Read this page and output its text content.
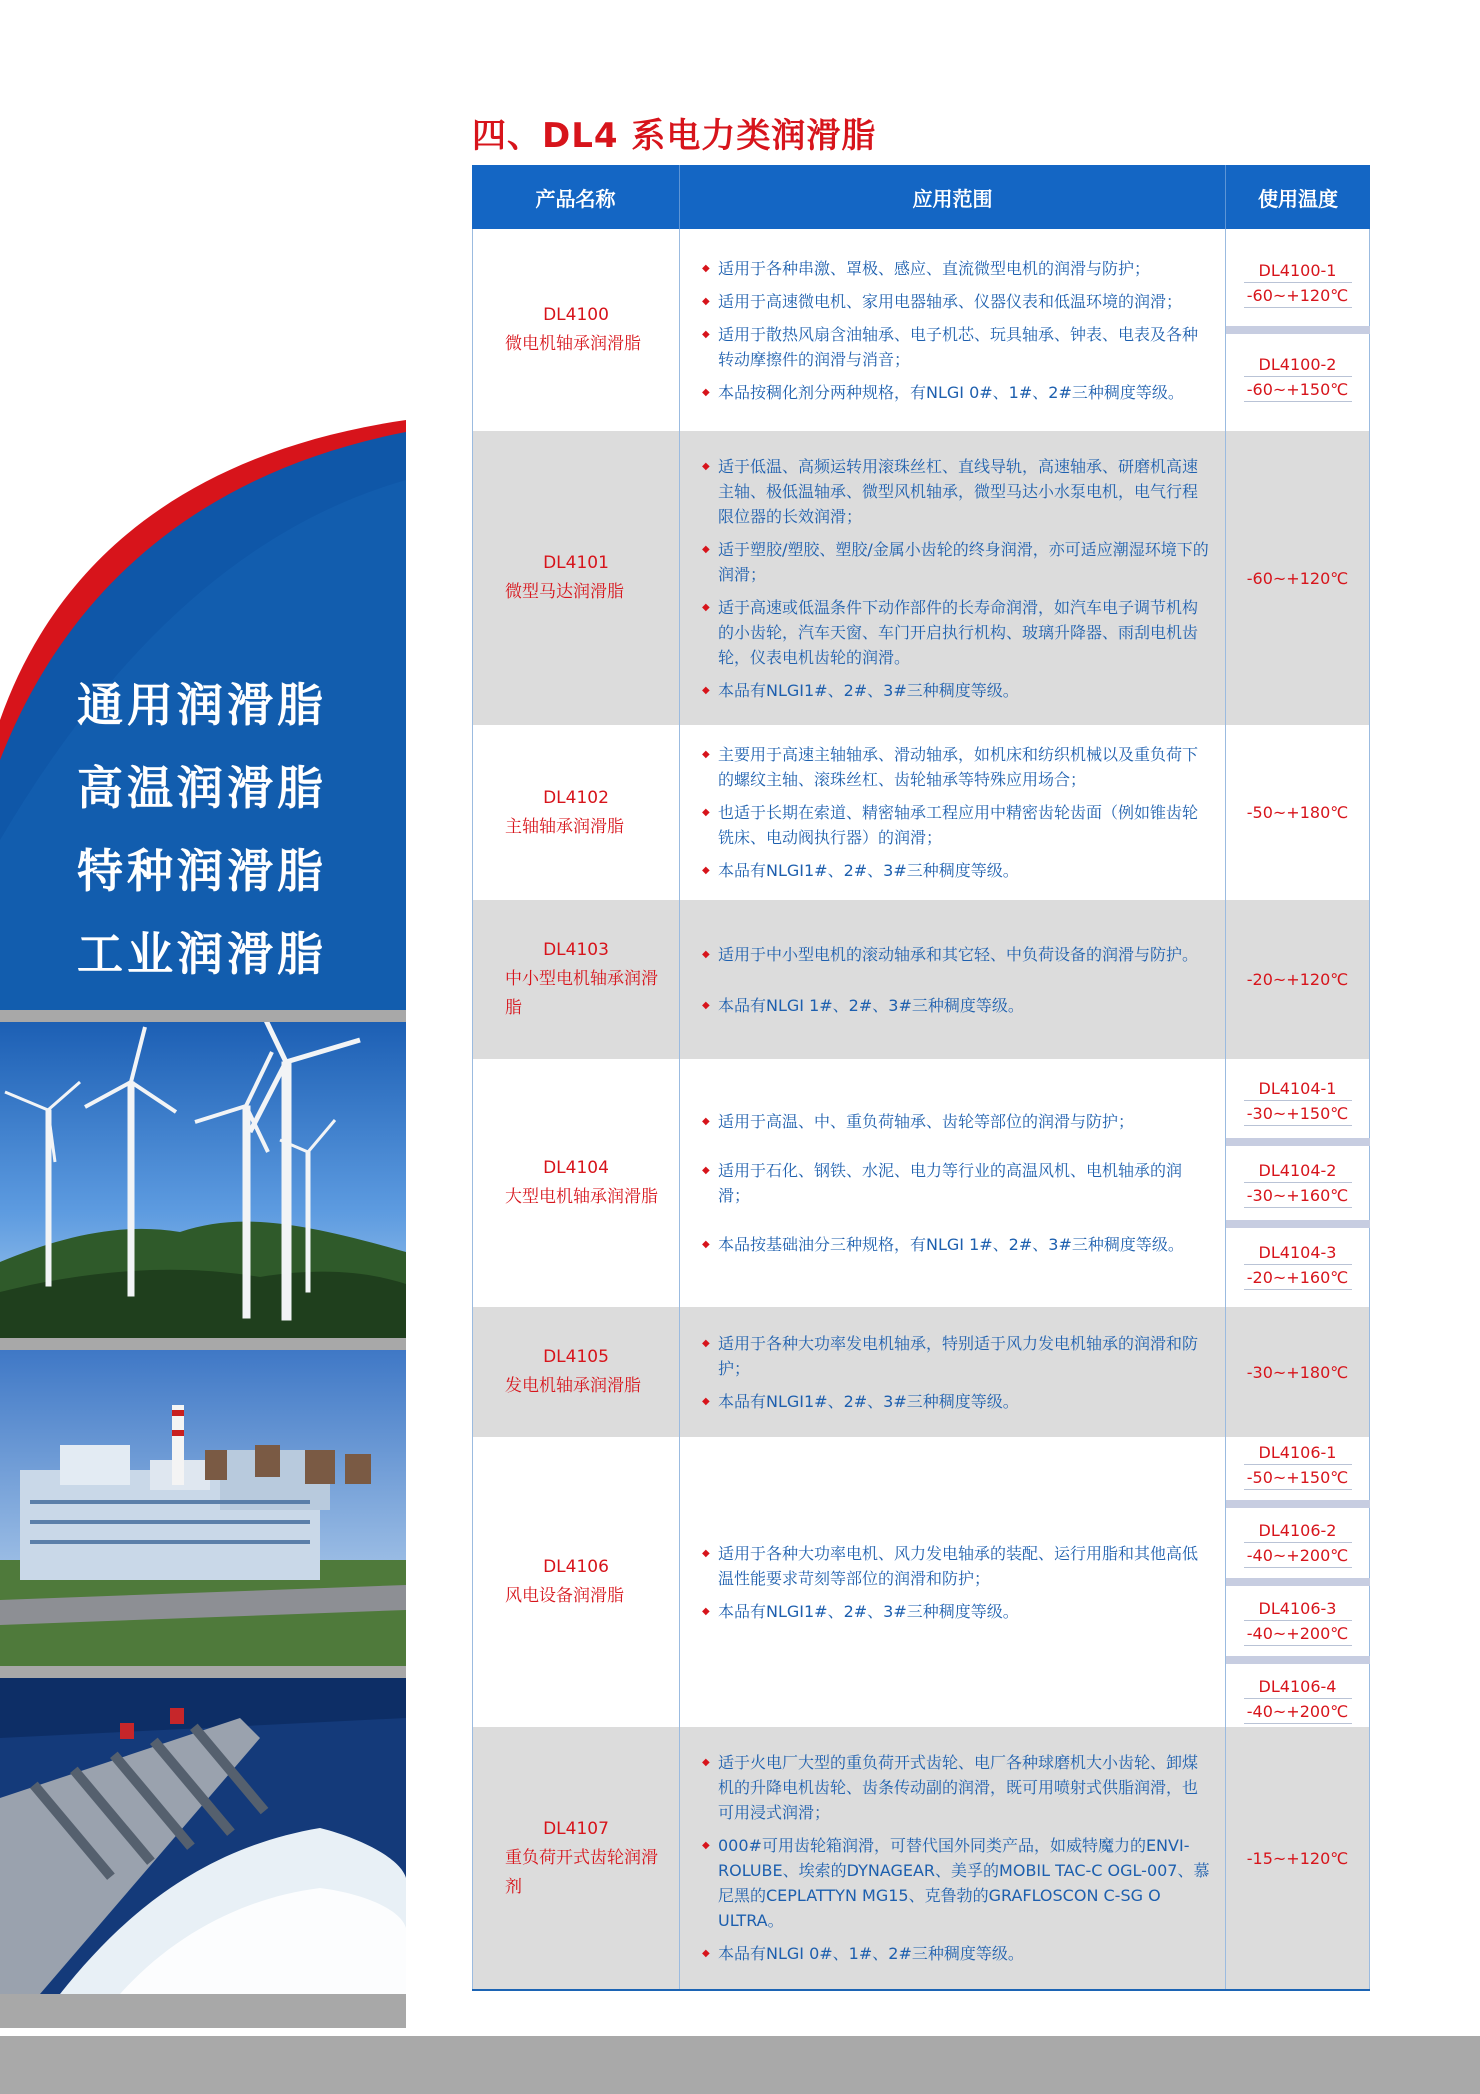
通用润滑脂
高温润滑脂
特种润滑脂
工业润滑脂
四、DL4 系电力类润滑脂
产品名称	应用范围	使用温度
DL4100
微电机轴承润滑脂
◆ 适用于各种串激、罩极、感应、直流微型电机的润滑与防护；
◆ 适用于高速微电机、家用电器轴承、仪器仪表和低温环境的润滑；
◆ 适用于散热风扇含油轴承、电子机芯、玩具轴承、钟表、电表及各种转动摩擦件的润滑与消音；
◆ 本品按稠化剂分两种规格，有NLGI 0#、1#、2#三种稠度等级。
DL4100-1
-60~+120℃
DL4100-2
-60~+150℃
DL4101
微型马达润滑脂
◆ 适于低温、高频运转用滚珠丝杠、直线导轨，高速轴承、研磨机高速主轴、极低温轴承、微型风机轴承，微型马达小水泵电机，电气行程限位器的长效润滑；
◆ 适于塑胶/塑胶、塑胶/金属小齿轮的终身润滑，亦可适应潮湿环境下的润滑；
◆ 适于高速或低温条件下动作部件的长寿命润滑，如汽车电子调节机构的小齿轮，汽车天窗、车门开启执行机构、玻璃升降器、雨刮电机齿轮，仪表电机齿轮的润滑。
◆ 本品有NLGI1#、2#、3#三种稠度等级。
-60~+120℃
DL4102
主轴轴承润滑脂
◆ 主要用于高速主轴轴承、滑动轴承，如机床和纺织机械以及重负荷下的螺纹主轴、滚珠丝杠、齿轮轴承等特殊应用场合；
◆ 也适于长期在索道、精密轴承工程应用中精密齿轮齿面（例如锥齿轮铣床、电动阀执行器）的润滑；
◆ 本品有NLGI1#、2#、3#三种稠度等级。
-50~+180℃
DL4103
中小型电机轴承润滑脂
◆ 适用于中小型电机的滚动轴承和其它轻、中负荷设备的润滑与防护。
◆ 本品有NLGI 1#、2#、3#三种稠度等级。
-20~+120℃
DL4104
大型电机轴承润滑脂
◆ 适用于高温、中、重负荷轴承、齿轮等部位的润滑与防护；
◆ 适用于石化、钢铁、水泥、电力等行业的高温风机、电机轴承的润滑；
◆ 本品按基础油分三种规格，有NLGI 1#、2#、3#三种稠度等级。
DL4104-1
-30~+150℃
DL4104-2
-30~+160℃
DL4104-3
-20~+160℃
DL4105
发电机轴承润滑脂
◆ 适用于各种大功率发电机轴承，特别适于风力发电机轴承的润滑和防护；
◆ 本品有NLGI1#、2#、3#三种稠度等级。
-30~+180℃
DL4106
风电设备润滑脂
◆ 适用于各种大功率电机、风力发电轴承的装配、运行用脂和其他高低温性能要求苛刻等部位的润滑和防护；
◆ 本品有NLGI1#、2#、3#三种稠度等级。
DL4106-1
-50~+150℃
DL4106-2
-40~+200℃
DL4106-3
-40~+200℃
DL4106-4
-40~+200℃
DL4107
重负荷开式齿轮润滑剂
◆ 适于火电厂大型的重负荷开式齿轮、电厂各种球磨机大小齿轮、卸煤机的升降电机齿轮、齿条传动副的润滑，既可用喷射式供脂润滑，也可用浸式润滑；
◆ 000#可用齿轮箱润滑，可替代国外同类产品，如威特魔力的ENVI-ROLUBE、埃索的DYNAGEAR、美孚的MOBIL TAC-C OGL-007、慕尼黑的CEPLATTYN MG15、克鲁勃的GRAFLOSCON C-SG O ULTRA。
◆ 本品有NLGI 0#、1#、2#三种稠度等级。
-15~+120℃
